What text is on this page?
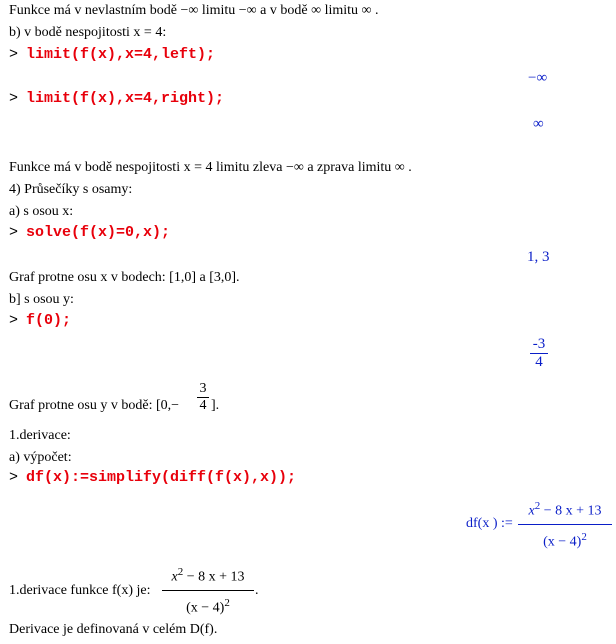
Funkce má v nevlastním bodě −∞ limitu −∞ a v bodě ∞ limitu ∞ .
b) v bodě nespojitosti x = 4:
> limit(f(x),x=4,left);
−∞
> limit(f(x),x=4,right);
∞
Funkce má v bodě nespojitosti x = 4 limitu zleva −∞ a zprava limitu ∞ .
4) Průsečíky s osamy:
a) s osou x:
> solve(f(x)=0,x);
1, 3
Graf protne osu x v bodech: [1,0] a [3,0].
b] s osou y:
> f(0);
-3
4
Graf protne osu y v bodě: [0,−
3
4 ].
1.derivace:
a) výpočet:
> df(x):=simplify(diff(f(x),x));
df(x ) :=
$x^2 - 8$ x + 13
$(x - 4)^2$
1.derivace funkce f(x) je:
$x^2 - 8$ x + 13
$(x - 4)^2$
.
Derivace je definovaná v celém D(f).
